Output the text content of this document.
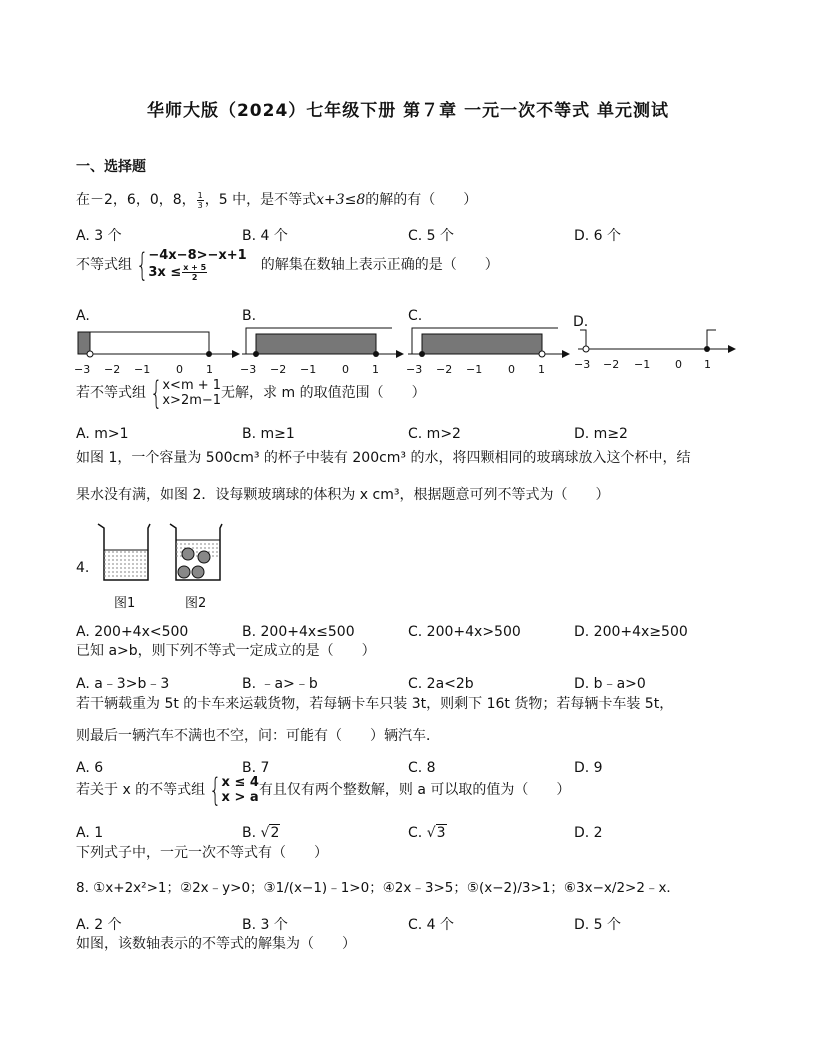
华师大版（2024）七年级下册 第７章 一元一次不等式 单元测试
一、选择题
在－2，6，0，8， $\frac{1}{3}$ ，5 中，是不等式x+3≤8的解的有（　　）
A. 3 个	B. 4 个	C. 5 个	D. 6 个
不等式组 { −4x−8>−x+1
$3x \le \frac{x + 5}{2}$	的解集在数轴上表示正确的是（　　）
A.	B.	C.	D.
−3 −2 −1 0 1 −3 −2 −1 0 1 −3 −2 −1 0 1	−3 −2 −1 0 1
若不等式组 { x<m + 1
x>2m−1 无解，求 m 的取值范围（　　）
A. m>1	B. m≥1	C. m>2	D. m≥2
如图 1，一个容量为 500cm³ 的杯子中装有 200cm³ 的水，将四颗相同的玻璃球放入这个杯中，结
果水没有满，如图 2．设每颗玻璃球的体积为 x cm³，根据题意可列不等式为（　　）
4.
图1	图2
A. 200+4x<500	B. 200+4x≤500	C. 200+4x>500	D. 200+4x≥500
已知 a>b，则下列不等式一定成立的是（　　）
A. a﹣3>b﹣3	B. ﹣a>﹣b	C. 2a<2b	D. b﹣a>0
若干辆载重为 5t 的卡车来运载货物，若每辆卡车只装 3t，则剩下 16t 货物；若每辆卡车装 5t，
则最后一辆汽车不满也不空，问：可能有（　　）辆汽车．
A. 6	B. 7	C. 8	D. 9
若关于 x 的不等式组 { x ≤ 4
x > a 有且仅有两个整数解，则 a 可以取的值为（　　）
A. 1	B. √2	C. √3	D. 2
下列式子中，一元一次不等式有（　　）
8. ①x+2x²>1；②2x﹣y>0；③1/(x−1)﹣1>0；④2x﹣3>5；⑤(x−2)/3>1；⑥3x−x/2>2﹣x．
A. 2 个	B. 3 个	C. 4 个	D. 5 个
如图，该数轴表示的不等式的解集为（　　）
